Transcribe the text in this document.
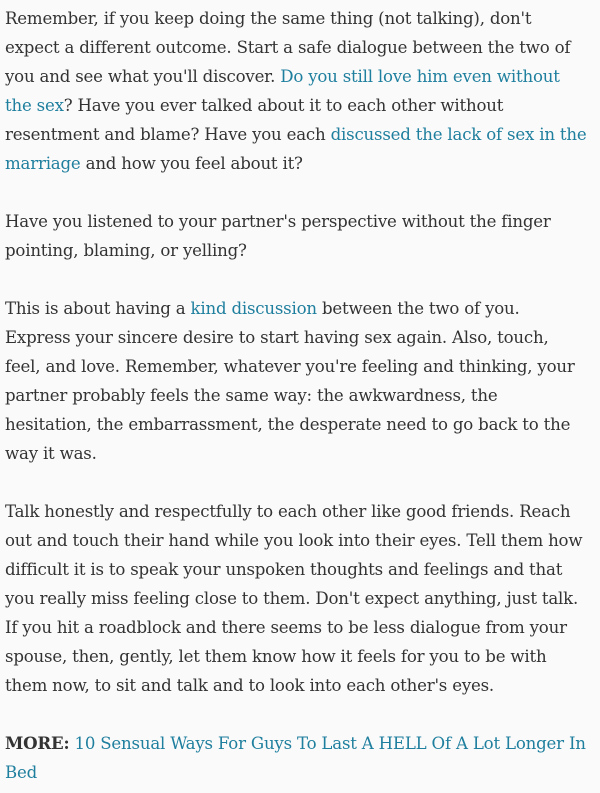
Remember, if you keep doing the same thing (not talking), don't expect a different outcome. Start a safe dialogue between the two of you and see what you'll discover. Do you still love him even without the sex? Have you ever talked about it to each other without resentment and blame? Have you each discussed the lack of sex in the marriage and how you feel about it?

Have you listened to your partner's perspective without the finger pointing, blaming, or yelling?

This is about having a kind discussion between the two of you. Express your sincere desire to start having sex again. Also, touch, feel, and love. Remember, whatever you're feeling and thinking, your partner probably feels the same way: the awkwardness, the hesitation, the embarrassment, the desperate need to go back to the way it was.

Talk honestly and respectfully to each other like good friends. Reach out and touch their hand while you look into their eyes. Tell them how difficult it is to speak your unspoken thoughts and feelings and that you really miss feeling close to them. Don't expect anything, just talk. If you hit a roadblock and there seems to be less dialogue from your spouse, then, gently, let them know how it feels for you to be with them now, to sit and talk and to look into each other's eyes.

MORE: 10 Sensual Ways For Guys To Last A HELL Of A Lot Longer In Bed
